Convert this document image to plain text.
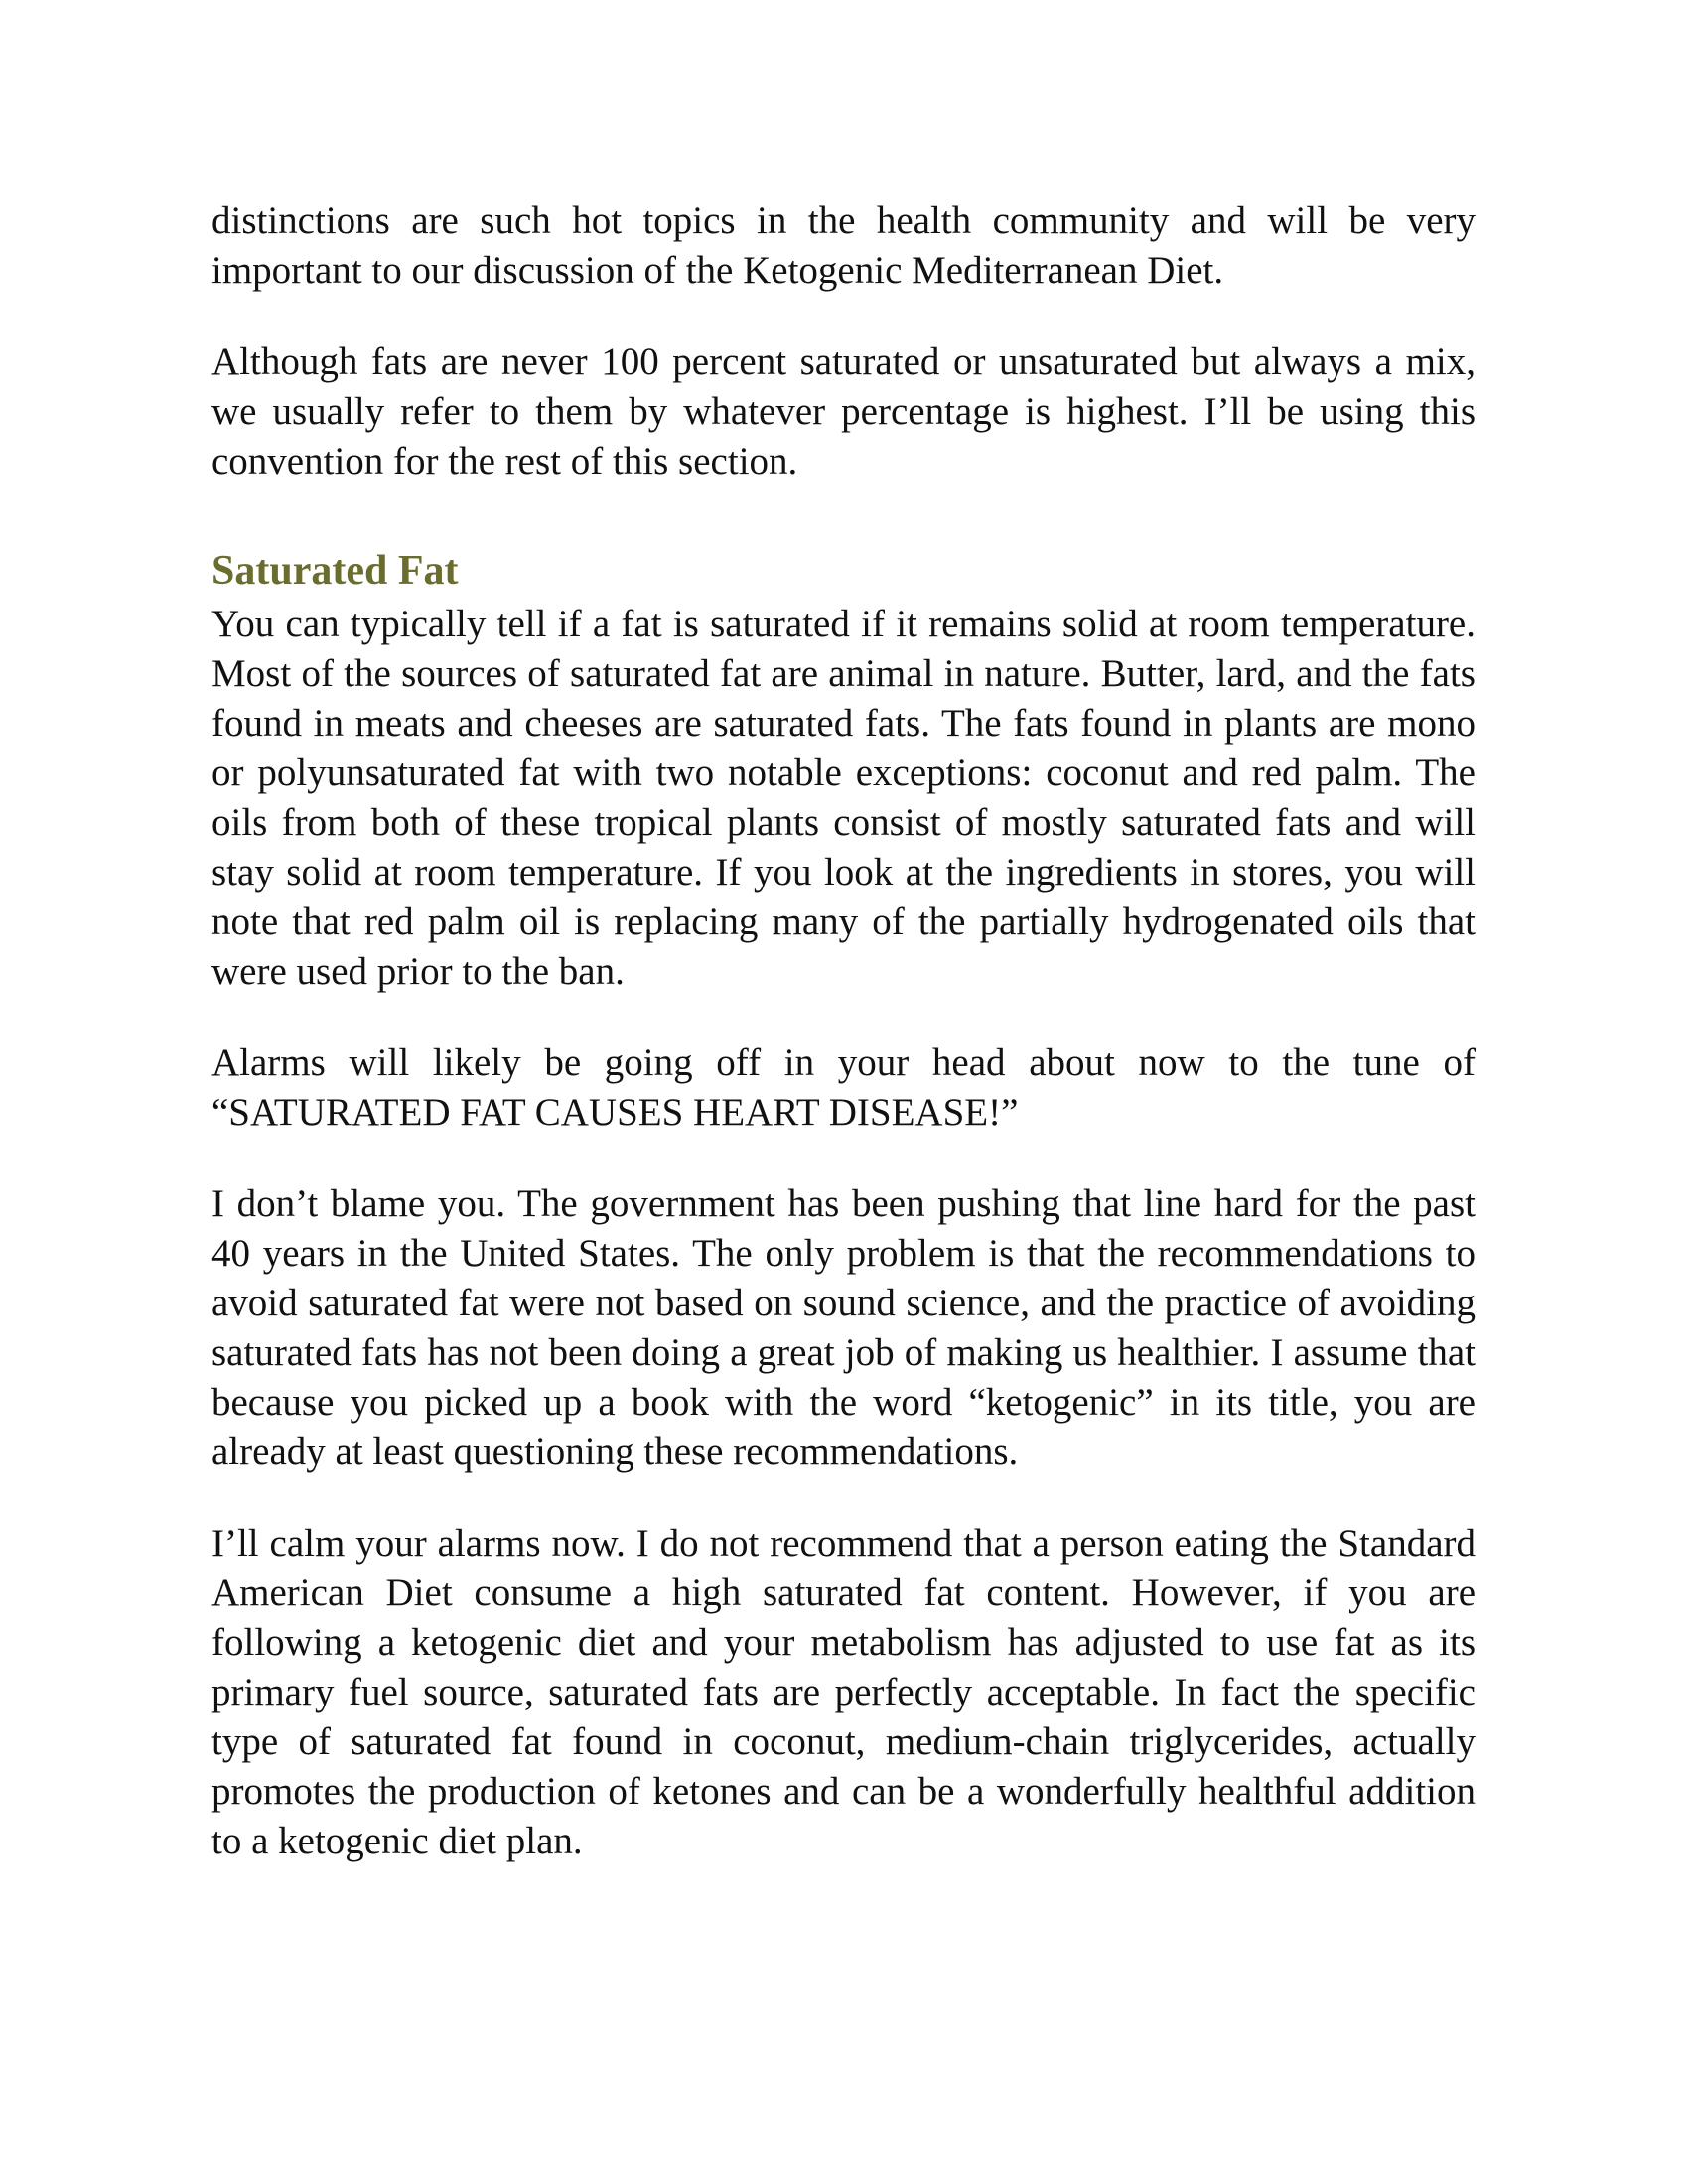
distinctions are such hot topics in the health community and will be very important to our discussion of the Ketogenic Mediterranean Diet.

Although fats are never 100 percent saturated or unsaturated but always a mix, we usually refer to them by whatever percentage is highest. I’ll be using this convention for the rest of this section.

Saturated Fat

You can typically tell if a fat is saturated if it remains solid at room temperature. Most of the sources of saturated fat are animal in nature. Butter, lard, and the fats found in meats and cheeses are saturated fats. The fats found in plants are mono or polyunsaturated fat with two notable exceptions: coconut and red palm. The oils from both of these tropical plants consist of mostly saturated fats and will stay solid at room temperature. If you look at the ingredients in stores, you will note that red palm oil is replacing many of the partially hydrogenated oils that were used prior to the ban.

Alarms will likely be going off in your head about now to the tune of “SATURATED FAT CAUSES HEART DISEASE!”

I don’t blame you. The government has been pushing that line hard for the past 40 years in the United States. The only problem is that the recommendations to avoid saturated fat were not based on sound science, and the practice of avoiding saturated fats has not been doing a great job of making us healthier. I assume that because you picked up a book with the word “ketogenic” in its title, you are already at least questioning these recommendations.

I’ll calm your alarms now. I do not recommend that a person eating the Standard American Diet consume a high saturated fat content. However, if you are following a ketogenic diet and your metabolism has adjusted to use fat as its primary fuel source, saturated fats are perfectly acceptable. In fact the specific type of saturated fat found in coconut, medium-chain triglycerides, actually promotes the production of ketones and can be a wonderfully healthful addition to a ketogenic diet plan.
